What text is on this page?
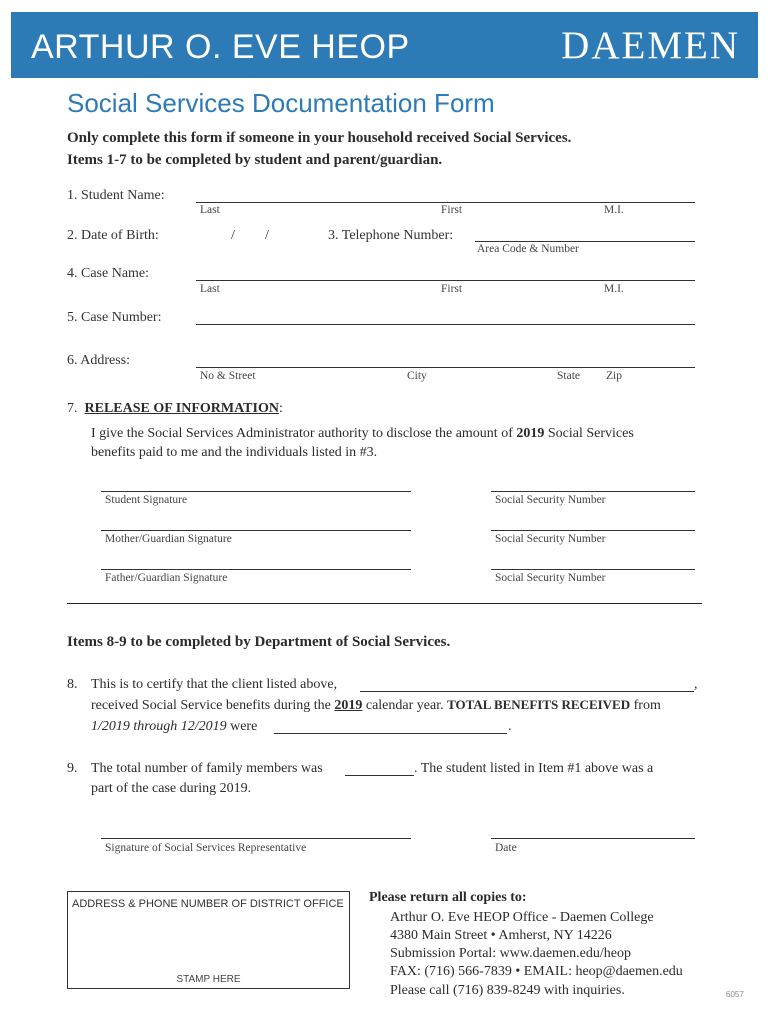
ARTHUR O. EVE HEOP	DAEMEN
Social Services Documentation Form
Only complete this form if someone in your household received Social Services.
Items 1-7 to be completed by student and parent/guardian.
1. Student Name:
Last	First	M.I.
2. Date of Birth:	/ /	3. Telephone Number:
Area Code & Number
4. Case Name:
Last	First	M.I.
5. Case Number:
6. Address:
No & Street	City	State Zip
7. RELEASE OF INFORMATION:
I give the Social Services Administrator authority to disclose the amount of 2019 Social Services
benefits paid to me and the individuals listed in #3.
Student Signature	Social Security Number
Mother/Guardian Signature	Social Security Number
Father/Guardian Signature	Social Security Number
Items 8-9 to be completed by Department of Social Services.
8. This is to certify that the client listed above,	,
received Social Service benefits during the 2019 calendar year. TOTAL BENEFITS RECEIVED from
1/2019 through 12/2019 were	.
9. The total number of family members was	. The student listed in Item #1 above was a
part of the case during 2019.
Signature of Social Services Representative	Date
ADDRESS & PHONE NUMBER OF DISTRICT OFFICE
STAMP HERE
Please return all copies to:
Arthur O. Eve HEOP Office - Daemen College
4380 Main Street • Amherst, NY 14226
Submission Portal: www.daemen.edu/heop
FAX: (716) 566-7839 • EMAIL: heop@daemen.edu
Please call (716) 839-8249 with inquiries.	6057
